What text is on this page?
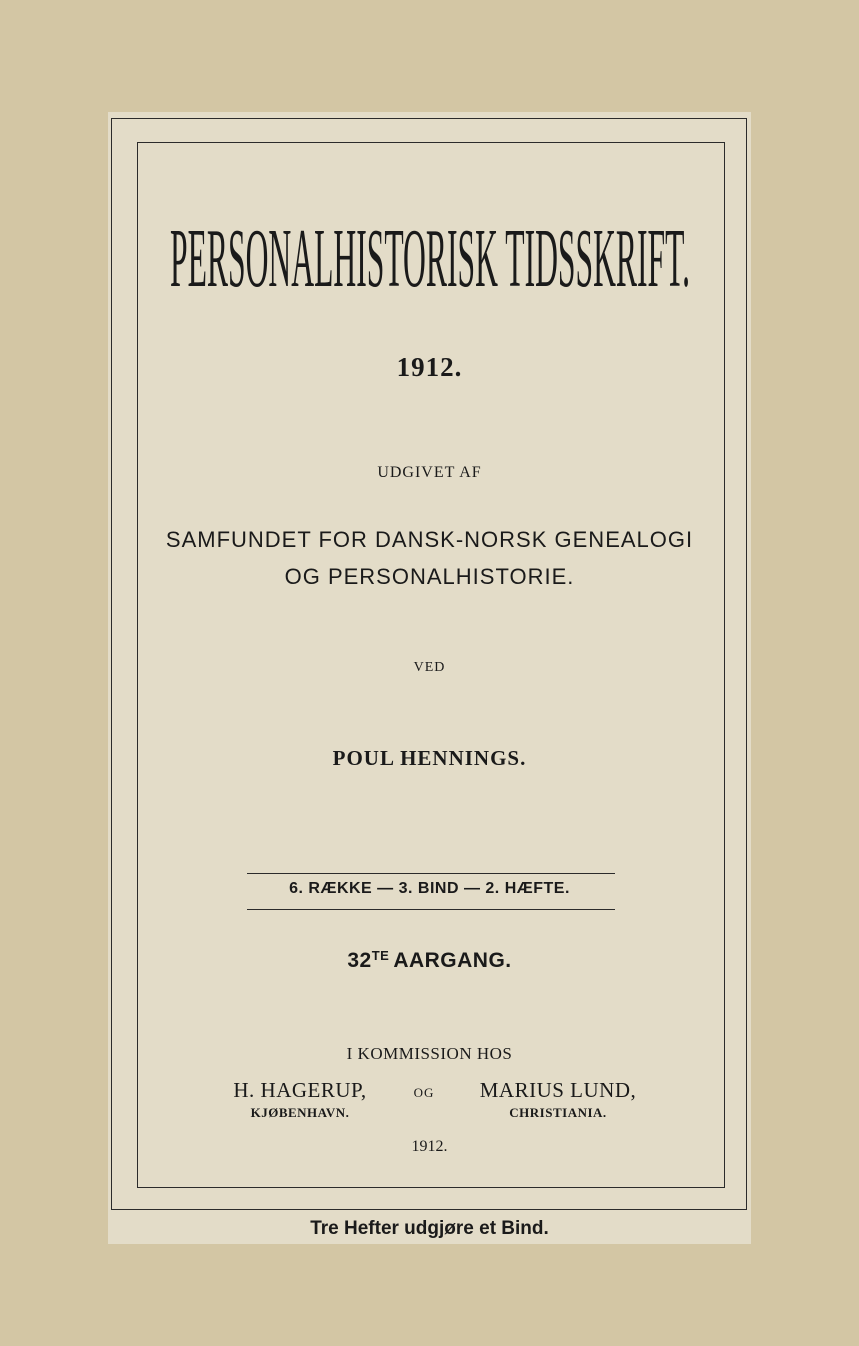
PERSONALHISTORISK TIDSSKRIFT.
1912.
UDGIVET AF
SAMFUNDET FOR DANSK-NORSK GENEALOGI
OG PERSONALHISTORIE.
VED
POUL HENNINGS.
6. RÆKKE — 3. BIND — 2. HÆFTE.
$32^{TE}$ AARGANG.
I KOMMISSION HOS
H. HAGERUP,
KJØBENHAVN.
OG	MARIUS LUND,
CHRISTIANIA.
1912.
Tre Hefter udgjøre et Bind.
